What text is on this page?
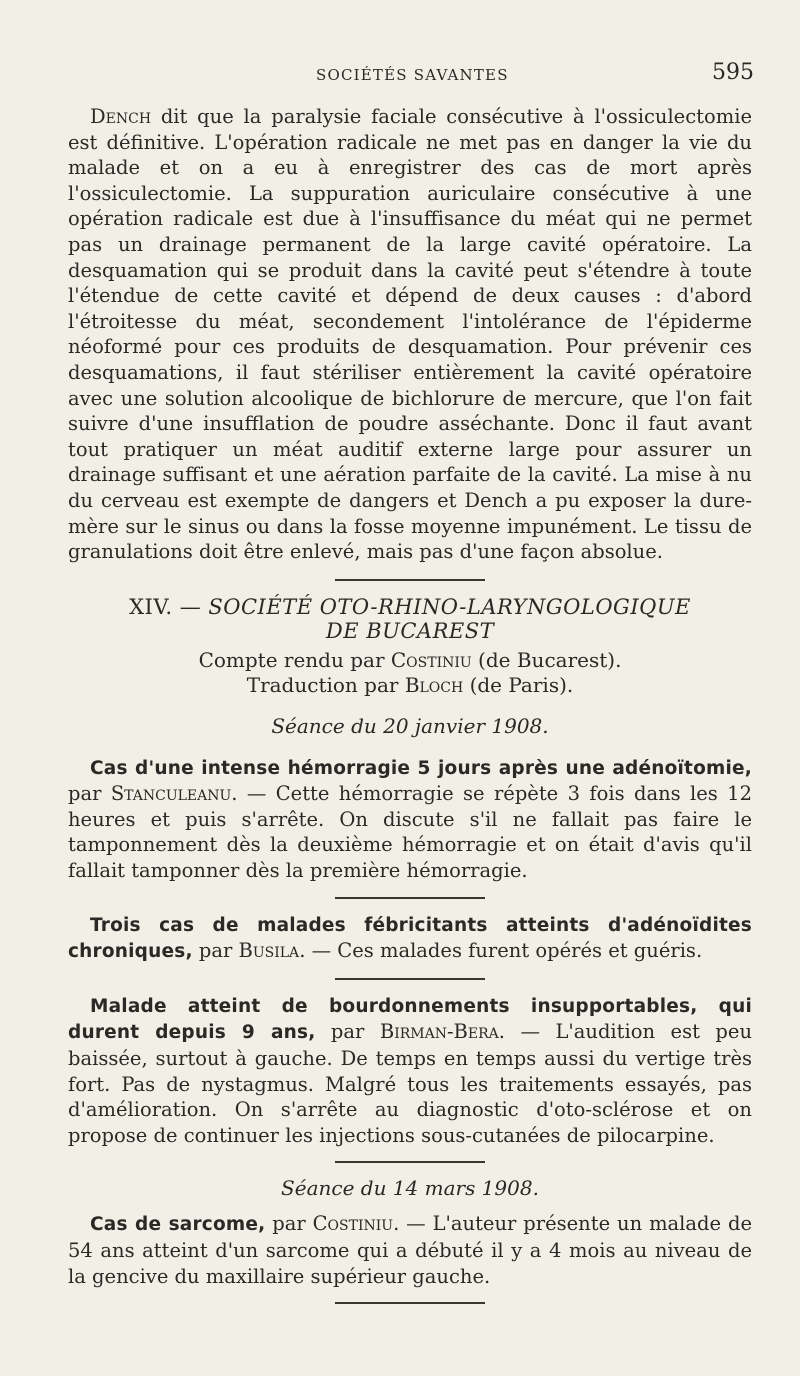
SOCIÉTÉS SAVANTES	595

Dench dit que la paralysie faciale consécutive à l'ossiculectomie est définitive. L'opération radicale ne met pas en danger la vie du malade et on a eu à enregistrer des cas de mort après l'ossiculectomie. La suppuration auriculaire consécutive à une opération radicale est due à l'insuffisance du méat qui ne permet pas un drainage permanent de la large cavité opératoire. La desquamation qui se produit dans la cavité peut s'étendre à toute l'étendue de cette cavité et dépend de deux causes : d'abord l'étroitesse du méat, secondement l'intolérance de l'épiderme néoformé pour ces produits de desquamation. Pour prévenir ces desquamations, il faut stériliser entièrement la cavité opératoire avec une solution alcoolique de bichlorure de mercure, que l'on fait suivre d'une insufflation de poudre asséchante. Donc il faut avant tout pratiquer un méat auditif externe large pour assurer un drainage suffisant et une aération parfaite de la cavité. La mise à nu du cerveau est exempte de dangers et Dench a pu exposer la dure-mère sur le sinus ou dans la fosse moyenne impunément. Le tissu de granulations doit être enlevé, mais pas d'une façon absolue.

XIV. — SOCIÉTÉ OTO-RHINO-LARYNGOLOGIQUE
DE BUCAREST
Compte rendu par Costiniu (de Bucarest).
Traduction par Bloch (de Paris).
Séance du 20 janvier 1908.

Cas d'une intense hémorragie 5 jours après une adénoïtomie, par Stanculeanu. — Cette hémorragie se répète 3 fois dans les 12 heures et puis s'arrête. On discute s'il ne fallait pas faire le tamponnement dès la deuxième hémorragie et on était d'avis qu'il fallait tamponner dès la première hémorragie.

Trois cas de malades fébricitants atteints d'adénoïdites chroniques, par Busila. — Ces malades furent opérés et guéris.

Malade atteint de bourdonnements insupportables, qui durent depuis 9 ans, par Birman-Bera. — L'audition est peu baissée, surtout à gauche. De temps en temps aussi du vertige très fort. Pas de nystagmus. Malgré tous les traitements essayés, pas d'amélioration. On s'arrête au diagnostic d'oto-sclérose et on propose de continuer les injections sous-cutanées de pilocarpine.

Séance du 14 mars 1908.

Cas de sarcome, par Costiniu. — L'auteur présente un malade de 54 ans atteint d'un sarcome qui a débuté il y a 4 mois au niveau de la gencive du maxillaire supérieur gauche.
